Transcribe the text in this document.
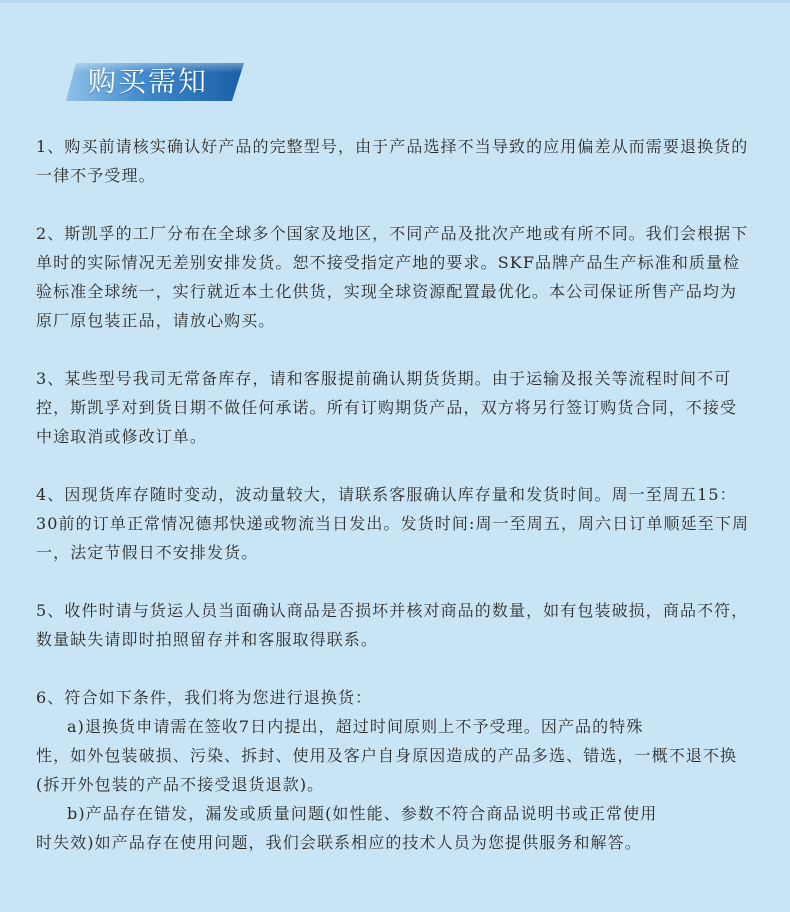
购买需知

1、购买前请核实确认好产品的完整型号，由于产品选择不当导致的应用偏差从而需要退换货的一律不予受理。

2、斯凯孚的工厂分布在全球多个国家及地区，不同产品及批次产地或有所不同。我们会根据下单时的实际情况无差别安排发货。恕不接受指定产地的要求。SKF品牌产品生产标准和质量检验标准全球统一，实行就近本土化供货，实现全球资源配置最优化。本公司保证所售产品均为原厂原包装正品，请放心购买。

3、某些型号我司无常备库存，请和客服提前确认期货货期。由于运输及报关等流程时间不可控，斯凯孚对到货日期不做任何承诺。所有订购期货产品，双方将另行签订购货合同，不接受中途取消或修改订单。

4、因现货库存随时变动，波动量较大，请联系客服确认库存量和发货时间。周一至周五15：30前的订单正常情况德邦快递或物流当日发出。发货时间:周一至周五，周六日订单顺延至下周一，法定节假日不安排发货。

5、收件时请与货运人员当面确认商品是否损坏并核对商品的数量，如有包装破损，商品不符，数量缺失请即时拍照留存并和客服取得联系。

6、符合如下条件，我们将为您进行退换货：

a)退换货申请需在签收7日内提出，超过时间原则上不予受理。因产品的特殊

性，如外包装破损、污染、拆封、使用及客户自身原因造成的产品多选、错选，一概不退不换(拆开外包装的产品不接受退货退款)。

b)产品存在错发，漏发或质量问题(如性能、参数不符合商品说明书或正常使用

时失效)如产品存在使用问题，我们会联系相应的技术人员为您提供服务和解答。
